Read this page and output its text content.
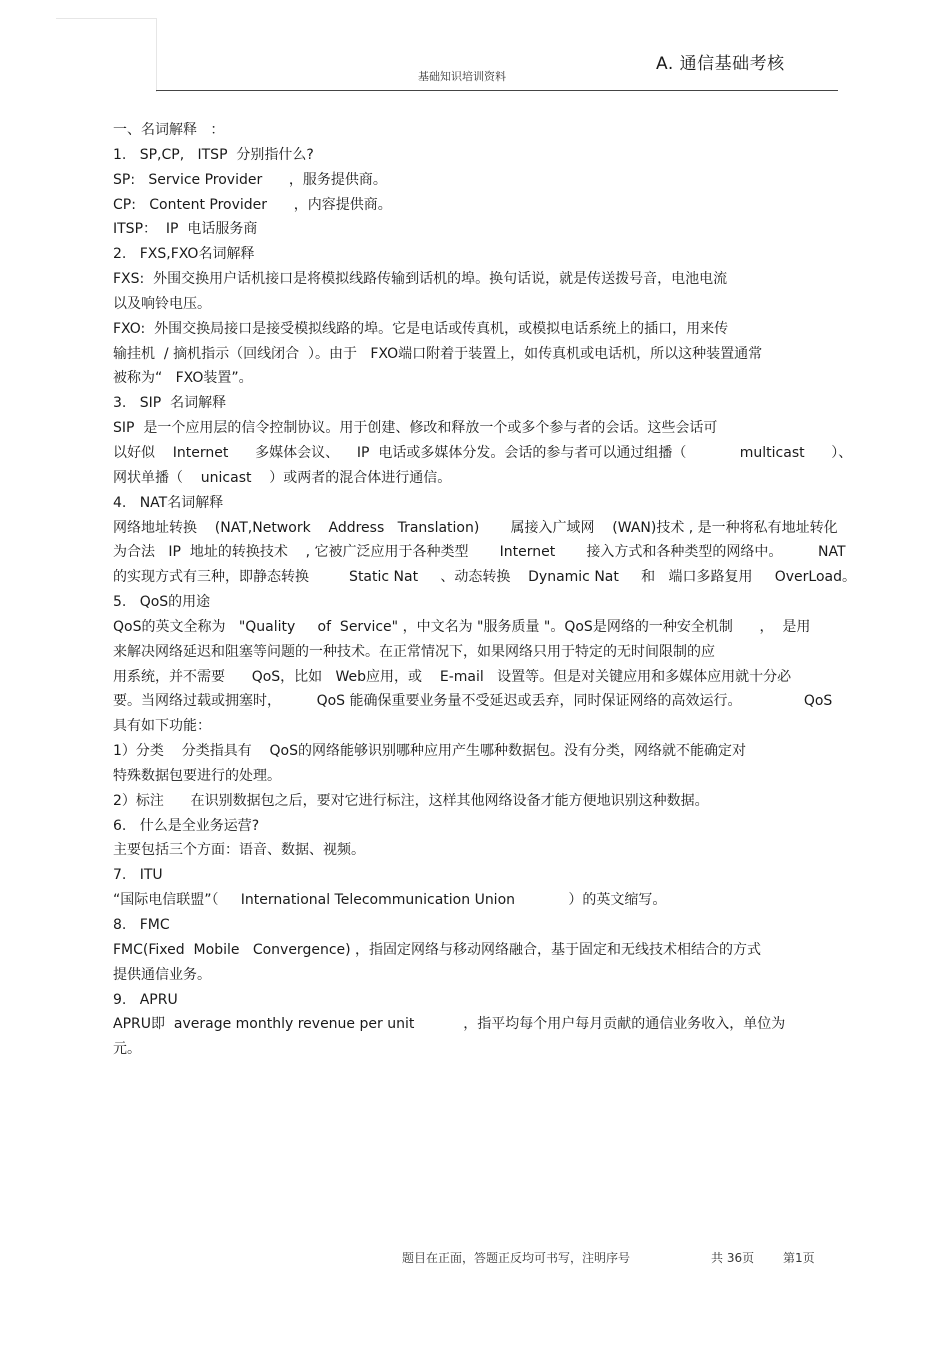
A. 通信基础考核
基础知识培训资料

一、名词解释   ：

1.   SP,CP,   ITSP  分别指什么?

SP:   Service Provider      ，服务提供商。

CP:   Content Provider      ，内容提供商。

ITSP：  IP  电话服务商

2.   FXS,FXO名词解释

FXS:  外围交换用户话机接口是将模拟线路传输到话机的埠。换句话说，就是传送拨号音，电池电流

以及响铃电压。

FXO:  外围交换局接口是接受模拟线路的埠。它是电话或传真机，或模拟电话系统上的插口，用来传

输挂机  / 摘机指示（回线闭合  ）。由于   FXO端口附着于装置上，如传真机或电话机，所以这种装置通常

被称为“   FXO装置”。

3.   SIP  名词解释

SIP  是一个应用层的信令控制协议。用于创建、修改和释放一个或多个参与者的会话。这些会话可

以好似    Internet      多媒体会议、    IP  电话或多媒体分发。会话的参与者可以通过组播（            multicast      ）、

网状单播（    unicast    ）或两者的混合体进行通信。

4.   NAT名词解释

网络地址转换    (NAT,Network    Address   Translation)       属接入广域网    (WAN)技术 , 是一种将私有地址转化

为合法   IP  地址的转换技术    , 它被广泛应用于各种类型       Internet       接入方式和各种类型的网络中。        NAT

的实现方式有三种，即静态转换         Static Nat     、动态转换    Dynamic Nat     和   端口多路复用     OverLoad。

5.   QoS的用途

QoS的英文全称为   "Quality     of  Service" ，中文名为 "服务质量 "。QoS是网络的一种安全机制      ，  是用

来解决网络延迟和阻塞等问题的一种技术。在正常情况下，如果网络只用于特定的无时间限制的应

用系统，并不需要      QoS，比如   Web应用，或    E-mail   设置等。但是对关键应用和多媒体应用就十分必

要。当网络过载或拥塞时，        QoS 能确保重要业务量不受延迟或丢弃，同时保证网络的高效运行。              QoS

具有如下功能：

1）分类    分类指具有    QoS的网络能够识别哪种应用产生哪种数据包。没有分类，网络就不能确定对

特殊数据包要进行的处理。

2）标注      在识别数据包之后，要对它进行标注，这样其他网络设备才能方便地识别这种数据。

6.   什么是全业务运营?

主要包括三个方面：语音、数据、视频。

7.   ITU

“国际电信联盟”（     International Telecommunication Union            ）的英文缩写。

8.   FMC

FMC(Fixed  Mobile   Convergence) ，指固定网络与移动网络融合，基于固定和无线技术相结合的方式

提供通信业务。

9.   APRU

APRU即  average monthly revenue per unit           ，指平均每个用户每月贡献的通信业务收入，单位为

元。

题目在正面，答题正反均可书写，注明序号	共 36页 第1页
